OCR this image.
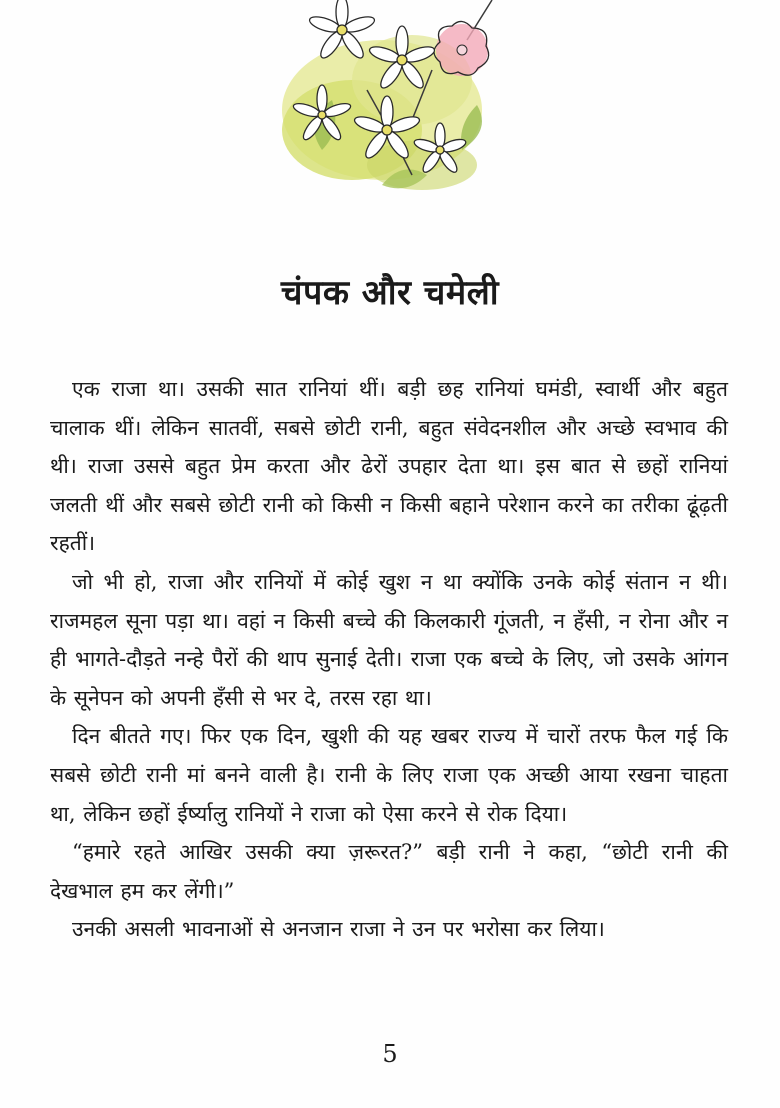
चंपक और चमेली

एक राजा था। उसकी सात रानियां थीं। बड़ी छह रानियां घमंडी, स्वार्थी और बहुत चालाक थीं। लेकिन सातवीं, सबसे छोटी रानी, बहुत संवेदनशील और अच्छे स्वभाव की थी। राजा उससे बहुत प्रेम करता और ढेरों उपहार देता था। इस बात से छहों रानियां जलती थीं और सबसे छोटी रानी को किसी न किसी बहाने परेशान करने का तरीका ढूंढ़ती रहतीं।

जो भी हो, राजा और रानियों में कोई खुश न था क्योंकि उनके कोई संतान न थी। राजमहल सूना पड़ा था। वहां न किसी बच्चे की किलकारी गूंजती, न हँसी, न रोना और न ही भागते-दौड़ते नन्हे पैरों की थाप सुनाई देती। राजा एक बच्चे के लिए, जो उसके आंगन के सूनेपन को अपनी हँसी से भर दे, तरस रहा था।

दिन बीतते गए। फिर एक दिन, खुशी की यह खबर राज्य में चारों तरफ फैल गई कि सबसे छोटी रानी मां बनने वाली है। रानी के लिए राजा एक अच्छी आया रखना चाहता था, लेकिन छहों ईर्ष्यालु रानियों ने राजा को ऐसा करने से रोक दिया।

“हमारे रहते आखिर उसकी क्या ज़रूरत?” बड़ी रानी ने कहा, “छोटी रानी की देखभाल हम कर लेंगी।”

उनकी असली भावनाओं से अनजान राजा ने उन पर भरोसा कर लिया।

5
